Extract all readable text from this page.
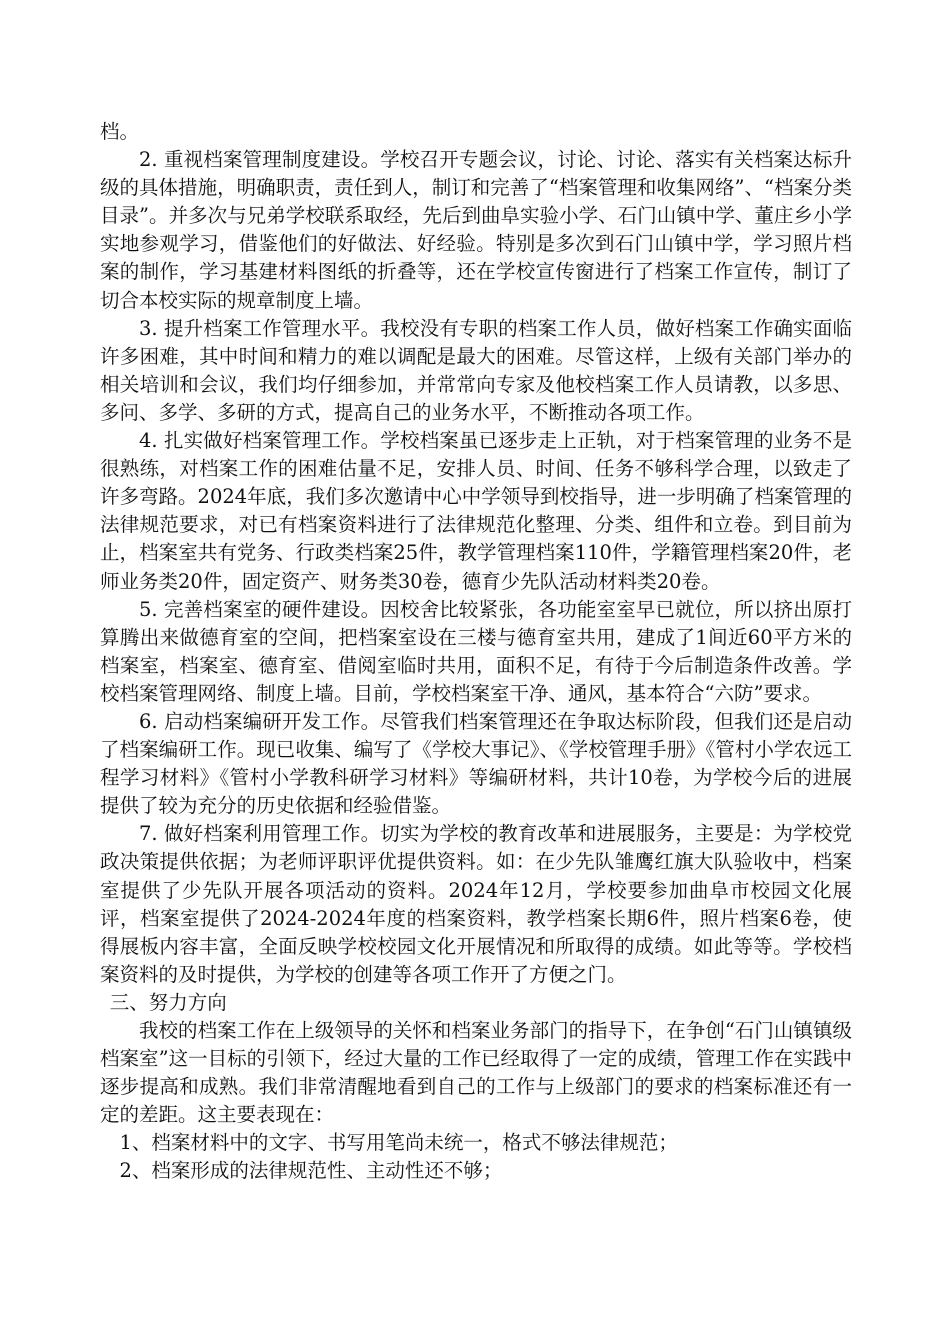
档。

2. 重视档案管理制度建设。学校召开专题会议，讨论、讨论、落实有关档案达标升级的具体措施，明确职责，责任到人，制订和完善了“档案管理和收集网络”、“档案分类目录”。并多次与兄弟学校联系取经，先后到曲阜实验小学、石门山镇中学、董庄乡小学实地参观学习，借鉴他们的好做法、好经验。特别是多次到石门山镇中学，学习照片档案的制作，学习基建材料图纸的折叠等，还在学校宣传窗进行了档案工作宣传，制订了切合本校实际的规章制度上墙。

3. 提升档案工作管理水平。我校没有专职的档案工作人员，做好档案工作确实面临许多困难，其中时间和精力的难以调配是最大的困难。尽管这样，上级有关部门举办的相关培训和会议，我们均仔细参加，并常常向专家及他校档案工作人员请教，以多思、多问、多学、多研的方式，提高自己的业务水平，不断推动各项工作。

4. 扎实做好档案管理工作。学校档案虽已逐步走上正轨，对于档案管理的业务不是很熟练，对档案工作的困难估量不足，安排人员、时间、任务不够科学合理，以致走了许多弯路。2024年底，我们多次邀请中心中学领导到校指导，进一步明确了档案管理的法律规范要求，对已有档案资料进行了法律规范化整理、分类、组件和立卷。到目前为止，档案室共有党务、行政类档案25件，教学管理档案110件，学籍管理档案20件，老师业务类20件，固定资产、财务类30卷，德育少先队活动材料类20卷。

5. 完善档案室的硬件建设。因校舍比较紧张，各功能室室早已就位，所以挤出原打算腾出来做德育室的空间，把档案室设在三楼与德育室共用，建成了1间近60平方米的档案室，档案室、德育室、借阅室临时共用，面积不足，有待于今后制造条件改善。学校档案管理网络、制度上墙。目前，学校档案室干净、通风，基本符合“六防”要求。

6. 启动档案编研开发工作。尽管我们档案管理还在争取达标阶段，但我们还是启动了档案编研工作。现已收集、编写了《学校大事记》、《学校管理手册》《管村小学农远工程学习材料》《管村小学教科研学习材料》等编研材料，共计10卷，为学校今后的进展提供了较为充分的历史依据和经验借鉴。

7. 做好档案利用管理工作。切实为学校的教育改革和进展服务，主要是：为学校党政决策提供依据；为老师评职评优提供资料。如：在少先队雏鹰红旗大队验收中，档案室提供了少先队开展各项活动的资料。2024年12月，学校要参加曲阜市校园文化展评，档案室提供了2024-2024年度的档案资料，教学档案长期6件，照片档案6卷，使得展板内容丰富，全面反映学校校园文化开展情况和所取得的成绩。如此等等。学校档案资料的及时提供，为学校的创建等各项工作开了方便之门。

三、努力方向

我校的档案工作在上级领导的关怀和档案业务部门的指导下，在争创“石门山镇镇级档案室”这一目标的引领下，经过大量的工作已经取得了一定的成绩，管理工作在实践中逐步提高和成熟。我们非常清醒地看到自己的工作与上级部门的要求的档案标准还有一定的差距。这主要表现在：

1、档案材料中的文字、书写用笔尚未统一，格式不够法律规范；

2、档案形成的法律规范性、主动性还不够；
